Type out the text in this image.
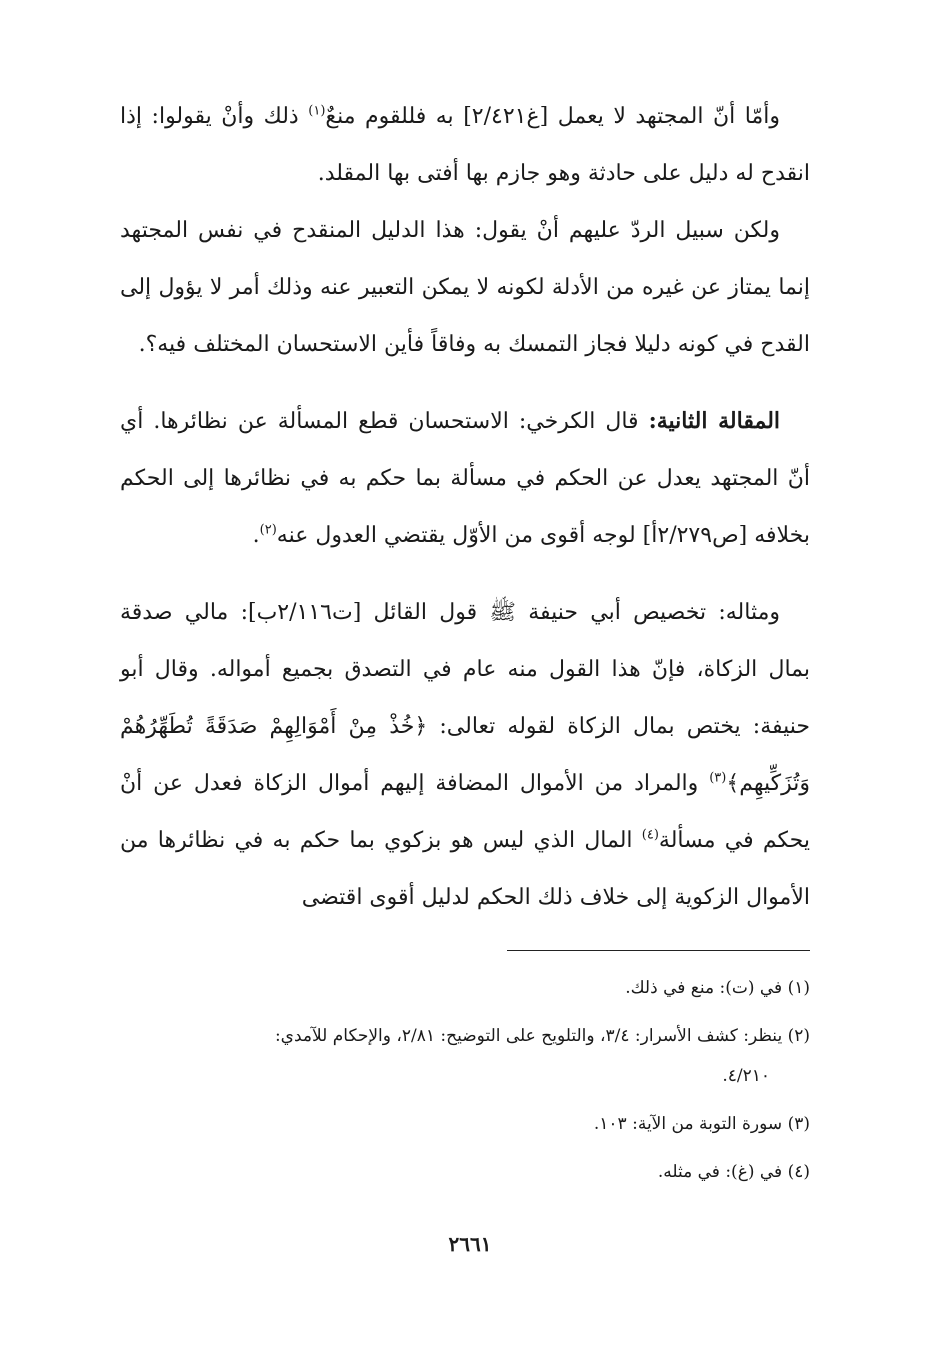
وأمّا أنّ المجتهد لا يعمل [غ٢/٤٢١] به فللقوم منعٌ$^{(١)}$ ذلك وأنْ يقولوا: إذا انقدح له دليل على حادثة وهو جازم بها أفتى بها المقلد.

ولكن سبيل الردّ عليهم أنْ يقول: هذا الدليل المنقدح في نفس المجتهد إنما يمتاز عن غيره من الأدلة لكونه لا يمكن التعبير عنه وذلك أمر لا يؤول إلى القدح في كونه دليلا فجاز التمسك به وفاقاً فأين الاستحسان المختلف فيه؟.

المقالة الثانية: قال الكرخي: الاستحسان قطع المسألة عن نظائرها. أي أنّ المجتهد يعدل عن الحكم في مسألة بما حكم به في نظائرها إلى الحكم بخلافه [ص٢/٢٧٩أ] لوجه أقوى من الأوّل يقتضي العدول عنه$^{(٢)}$.

ومثاله: تخصيص أبي حنيفة ﷺ قول القائل [ت٢/١١٦ب]: مالي صدقة بمال الزكاة، فإنّ هذا القول منه عام في التصدق بجميع أمواله. وقال أبو حنيفة: يختص بمال الزكاة لقوله تعالى: ﴿خُذْ مِنْ أَمْوَالِهِمْ صَدَقَةً تُطَهِّرُهُمْ وَتُزَكِّيهِم﴾$^{(٣)}$ والمراد من الأموال المضافة إليهم أموال الزكاة فعدل عن أنْ يحكم في مسألة$^{(٤)}$ المال الذي ليس هو بزكوي بما حكم به في نظائرها من الأموال الزكوية إلى خلاف ذلك الحكم لدليل أقوى اقتضى

(١) في (ت): منع في ذلك.

(٢) ينظر: كشف الأسرار: ٣/٤، والتلويح على التوضيح: ٢/٨١، والإحكام للآمدي:
٤/٢١٠.

(٣) سورة التوبة من الآية: ١٠٣.

(٤) في (غ): في مثله.

٢٦٦١
